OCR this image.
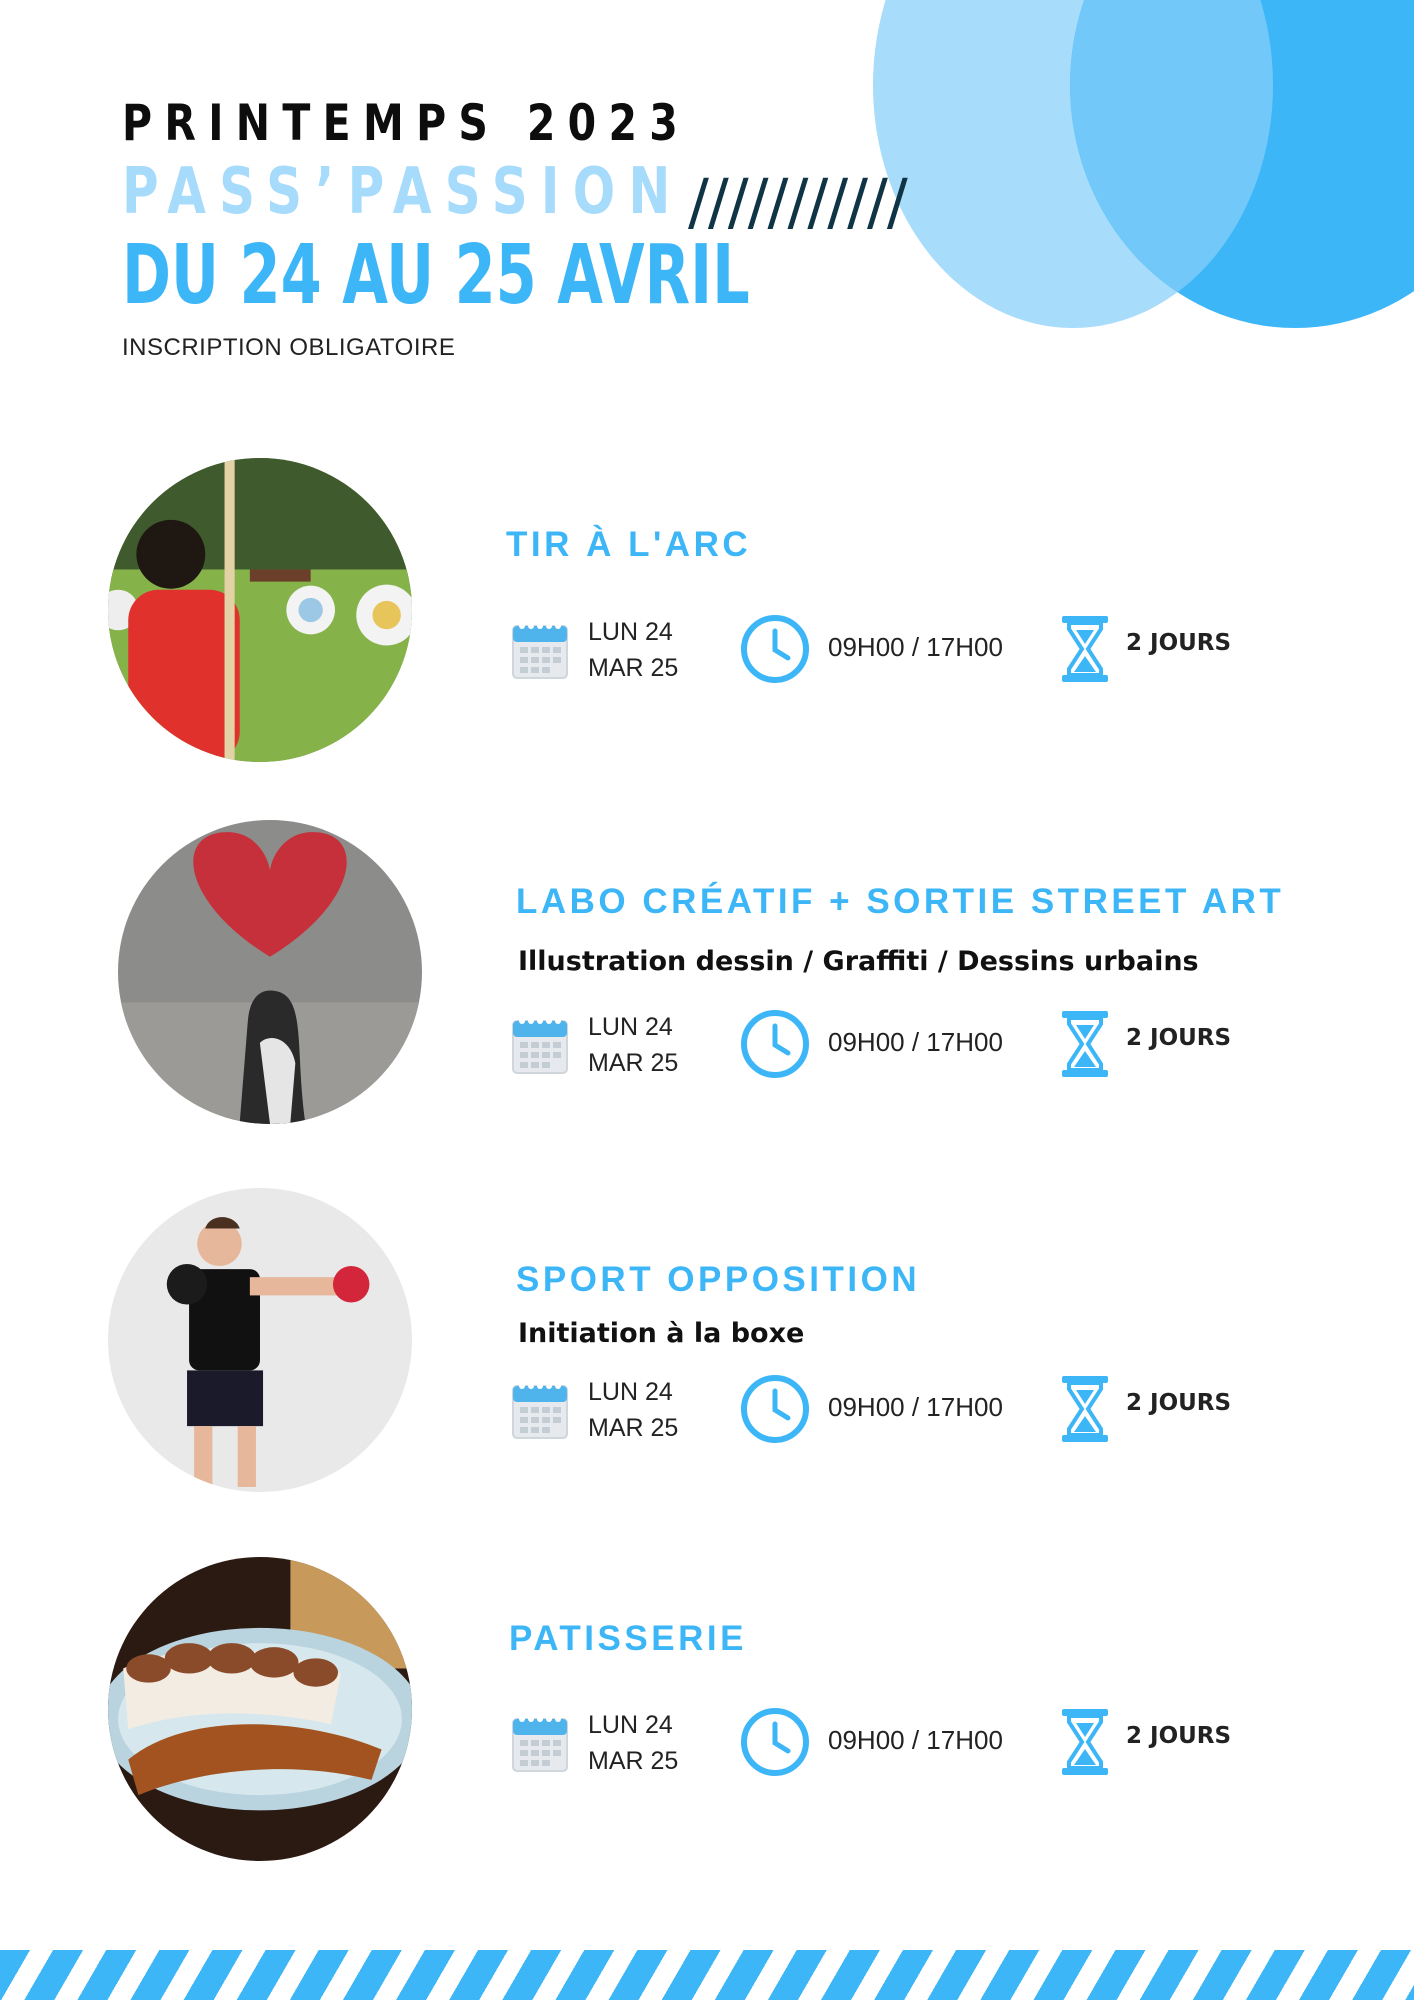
PRINTEMPS 2023
PASS’PASSION ///////////
DU 24 AU 25 AVRIL
INSCRIPTION OBLIGATOIRE
TIR À L'ARC
LUN 24
MAR 25
09H00 / 17H00	2 JOURS
LABO CRÉATIF + SORTIE STREET ART
Illustration dessin / Graffiti / Dessins urbains
LUN 24
MAR 25
09H00 / 17H00	2 JOURS
SPORT OPPOSITION
Initiation à la boxe
LUN 24
MAR 25
09H00 / 17H00	2 JOURS
PATISSERIE
LUN 24
MAR 25
09H00 / 17H00	2 JOURS
